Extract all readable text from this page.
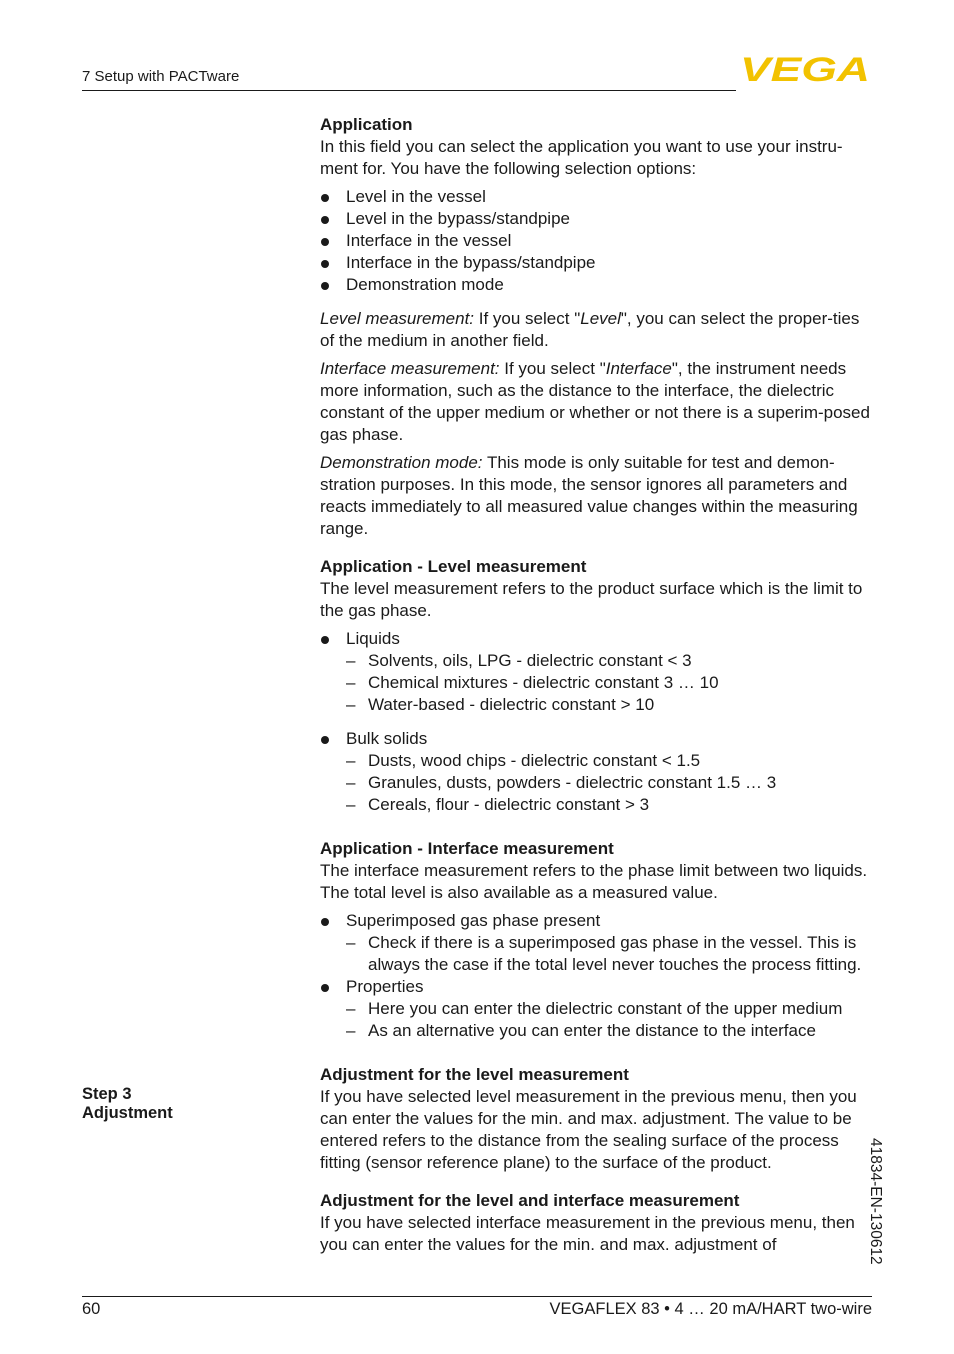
7 Setup with PACTware	VEGA
Step 3
Adjustment

Application

In this field you can select the application you want to use your instru-ment for. You have the following selection options:

Level in the vessel
Level in the bypass/standpipe
Interface in the vessel
Interface in the bypass/standpipe
Demonstration mode

Level measurement: If you select "Level", you can select the proper-ties of the medium in another field.

Interface measurement: If you select "Interface", the instrument needs more information, such as the distance to the interface, the dielectric constant of the upper medium or whether or not there is a superim-posed gas phase.

Demonstration mode: This mode is only suitable for test and demon-stration purposes. In this mode, the sensor ignores all parameters and reacts immediately to all measured value changes within the measuring range.

Application - Level measurement

The level measurement refers to the product surface which is the limit to the gas phase.

Liquids
– Solvents, oils, LPG - dielectric constant < 3
– Chemical mixtures - dielectric constant 3 … 10
– Water-based - dielectric constant > 10
Bulk solids
– Dusts, wood chips - dielectric constant < 1.5
– Granules, dusts, powders - dielectric constant 1.5 … 3
– Cereals, flour - dielectric constant > 3

Application - Interface measurement

The interface measurement refers to the phase limit between two liquids. The total level is also available as a measured value.

Superimposed gas phase present
– Check if there is a superimposed gas phase in the vessel. This is always the case if the total level never touches the process fitting.
Properties
– Here you can enter the dielectric constant of the upper medium
– As an alternative you can enter the distance to the interface

Adjustment for the level measurement

If you have selected level measurement in the previous menu, then you can enter the values for the min. and max. adjustment. The value to be entered refers to the distance from the sealing surface of the process fitting (sensor reference plane) to the surface of the product.

Adjustment for the level and interface measurement

If you have selected interface measurement in the previous menu, then you can enter the values for the min. and max. adjustment of	41834-EN-130612
60	VEGAFLEX 83 • 4 … 20 mA/HART two-wire
